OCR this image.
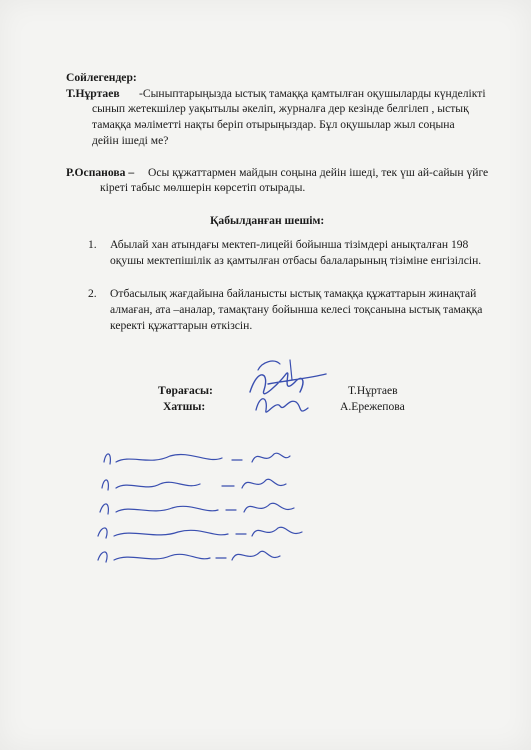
Сойлегендер:
Т.Нұртаев -Сыныптарыңызда ыстық тамаққа қамтылған оқушыларды күнделікті
сынып жетекшілер уақытылы әкеліп, журналға дер кезінде белгілеп , ыстық
тамаққа мәліметті нақты беріп отырыңыздар. Бұл оқушылар жыл соңына
дейін ішеді ме?
Р.Оспанова – Осы құжаттармен майдын соңына дейін ішеді, тек үш ай-сайын үйге
кіреті табыс мөлшерін көрсетіп отырады.
Қабылданған шешім:
1. Абылай хан атындағы мектеп-лицейі бойынша тізімдері анықталған 198
оқушы мектепішілік аз қамтылған отбасы балаларының тізіміне енгізілсін.
2. Отбасылық жағдайына байланысты ыстық тамаққа құжаттарын жинақтай
алмаған, ата –аналар, тамақтану бойынша келесі тоқсанына ыстық тамаққа
керекті құжаттарын өткізсін.
Төрағасы:
Хатшы:
Т.Нұртаев
А.Ережепова
